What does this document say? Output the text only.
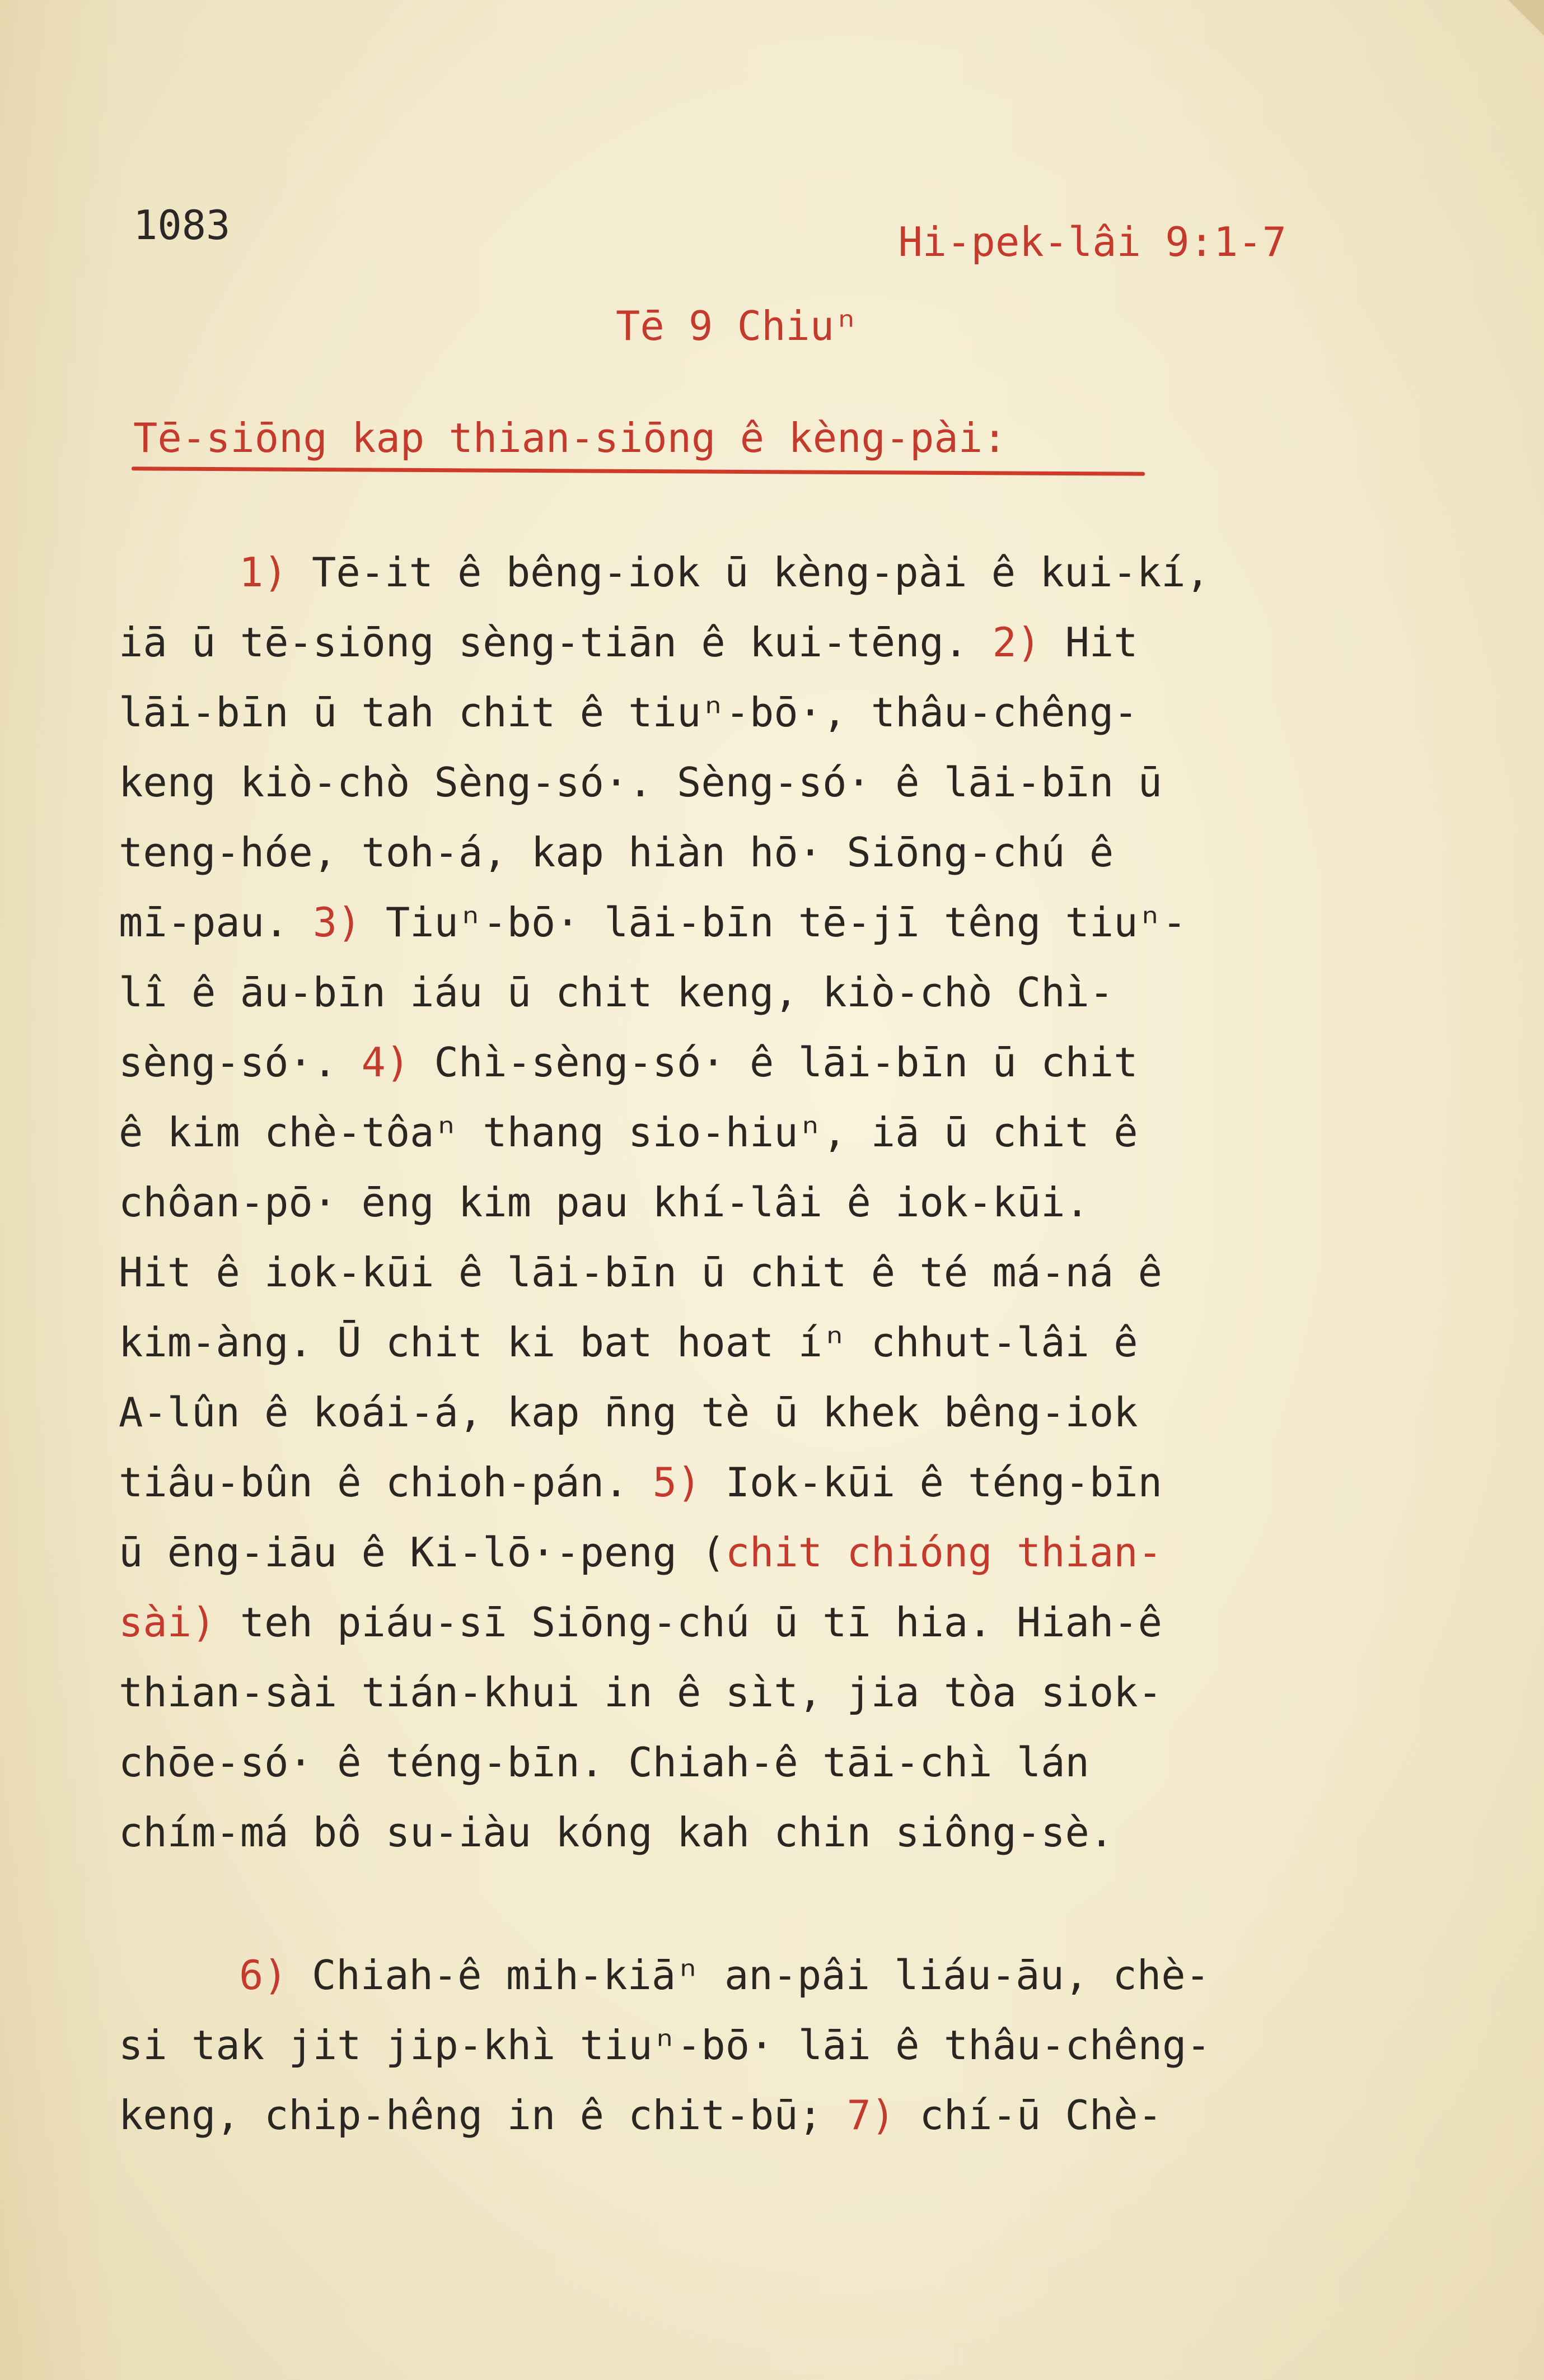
1083	Hi-pek-lâi 9:1-7
Tē 9 Chiuⁿ
Tē-siōng kap thian-siōng ê kèng-pài:
1) Tē-it ê bêng-iok ū kèng-pài ê kui-kí,
iā ū tē-siōng sèng-tiān ê kui-tēng. 2) Hit
lāi-bīn ū tah chit ê tiuⁿ-bō·, thâu-chêng-
keng kiò-chò Sèng-só·. Sèng-só· ê lāi-bīn ū
teng-hóe, toh-á, kap hiàn hō· Siōng-chú ê
mī-pau. 3) Tiuⁿ-bō· lāi-bīn tē-jī têng tiuⁿ-
lî ê āu-bīn iáu ū chit keng, kiò-chò Chì-
sèng-só·. 4) Chì-sèng-só· ê lāi-bīn ū chit
ê kim chè-tôaⁿ thang sio-hiuⁿ, iā ū chit ê
chôan-pō· ēng kim pau khí-lâi ê iok-kūi.
Hit ê iok-kūi ê lāi-bīn ū chit ê té má-ná ê
kim-àng. Ū chit ki bat hoat íⁿ chhut-lâi ê
A-lûn ê koái-á, kap n̄ng tè ū khek bêng-iok
tiâu-bûn ê chioh-pán. 5) Iok-kūi ê téng-bīn
ū ēng-iāu ê Ki-lō·-peng (chit chióng thian-
sài) teh piáu-sī Siōng-chú ū tī hia. Hiah-ê
thian-sài tián-khui in ê sìt, jia tòa siok-
chōe-só· ê téng-bīn. Chiah-ê tāi-chì lán
chím-má bô su-iàu kóng kah chin siông-sè.
6) Chiah-ê mih-kiāⁿ an-pâi liáu-āu, chè-
si tak jit jip-khì tiuⁿ-bō· lāi ê thâu-chêng-
keng, chip-hêng in ê chit-bū; 7) chí-ū Chè-
